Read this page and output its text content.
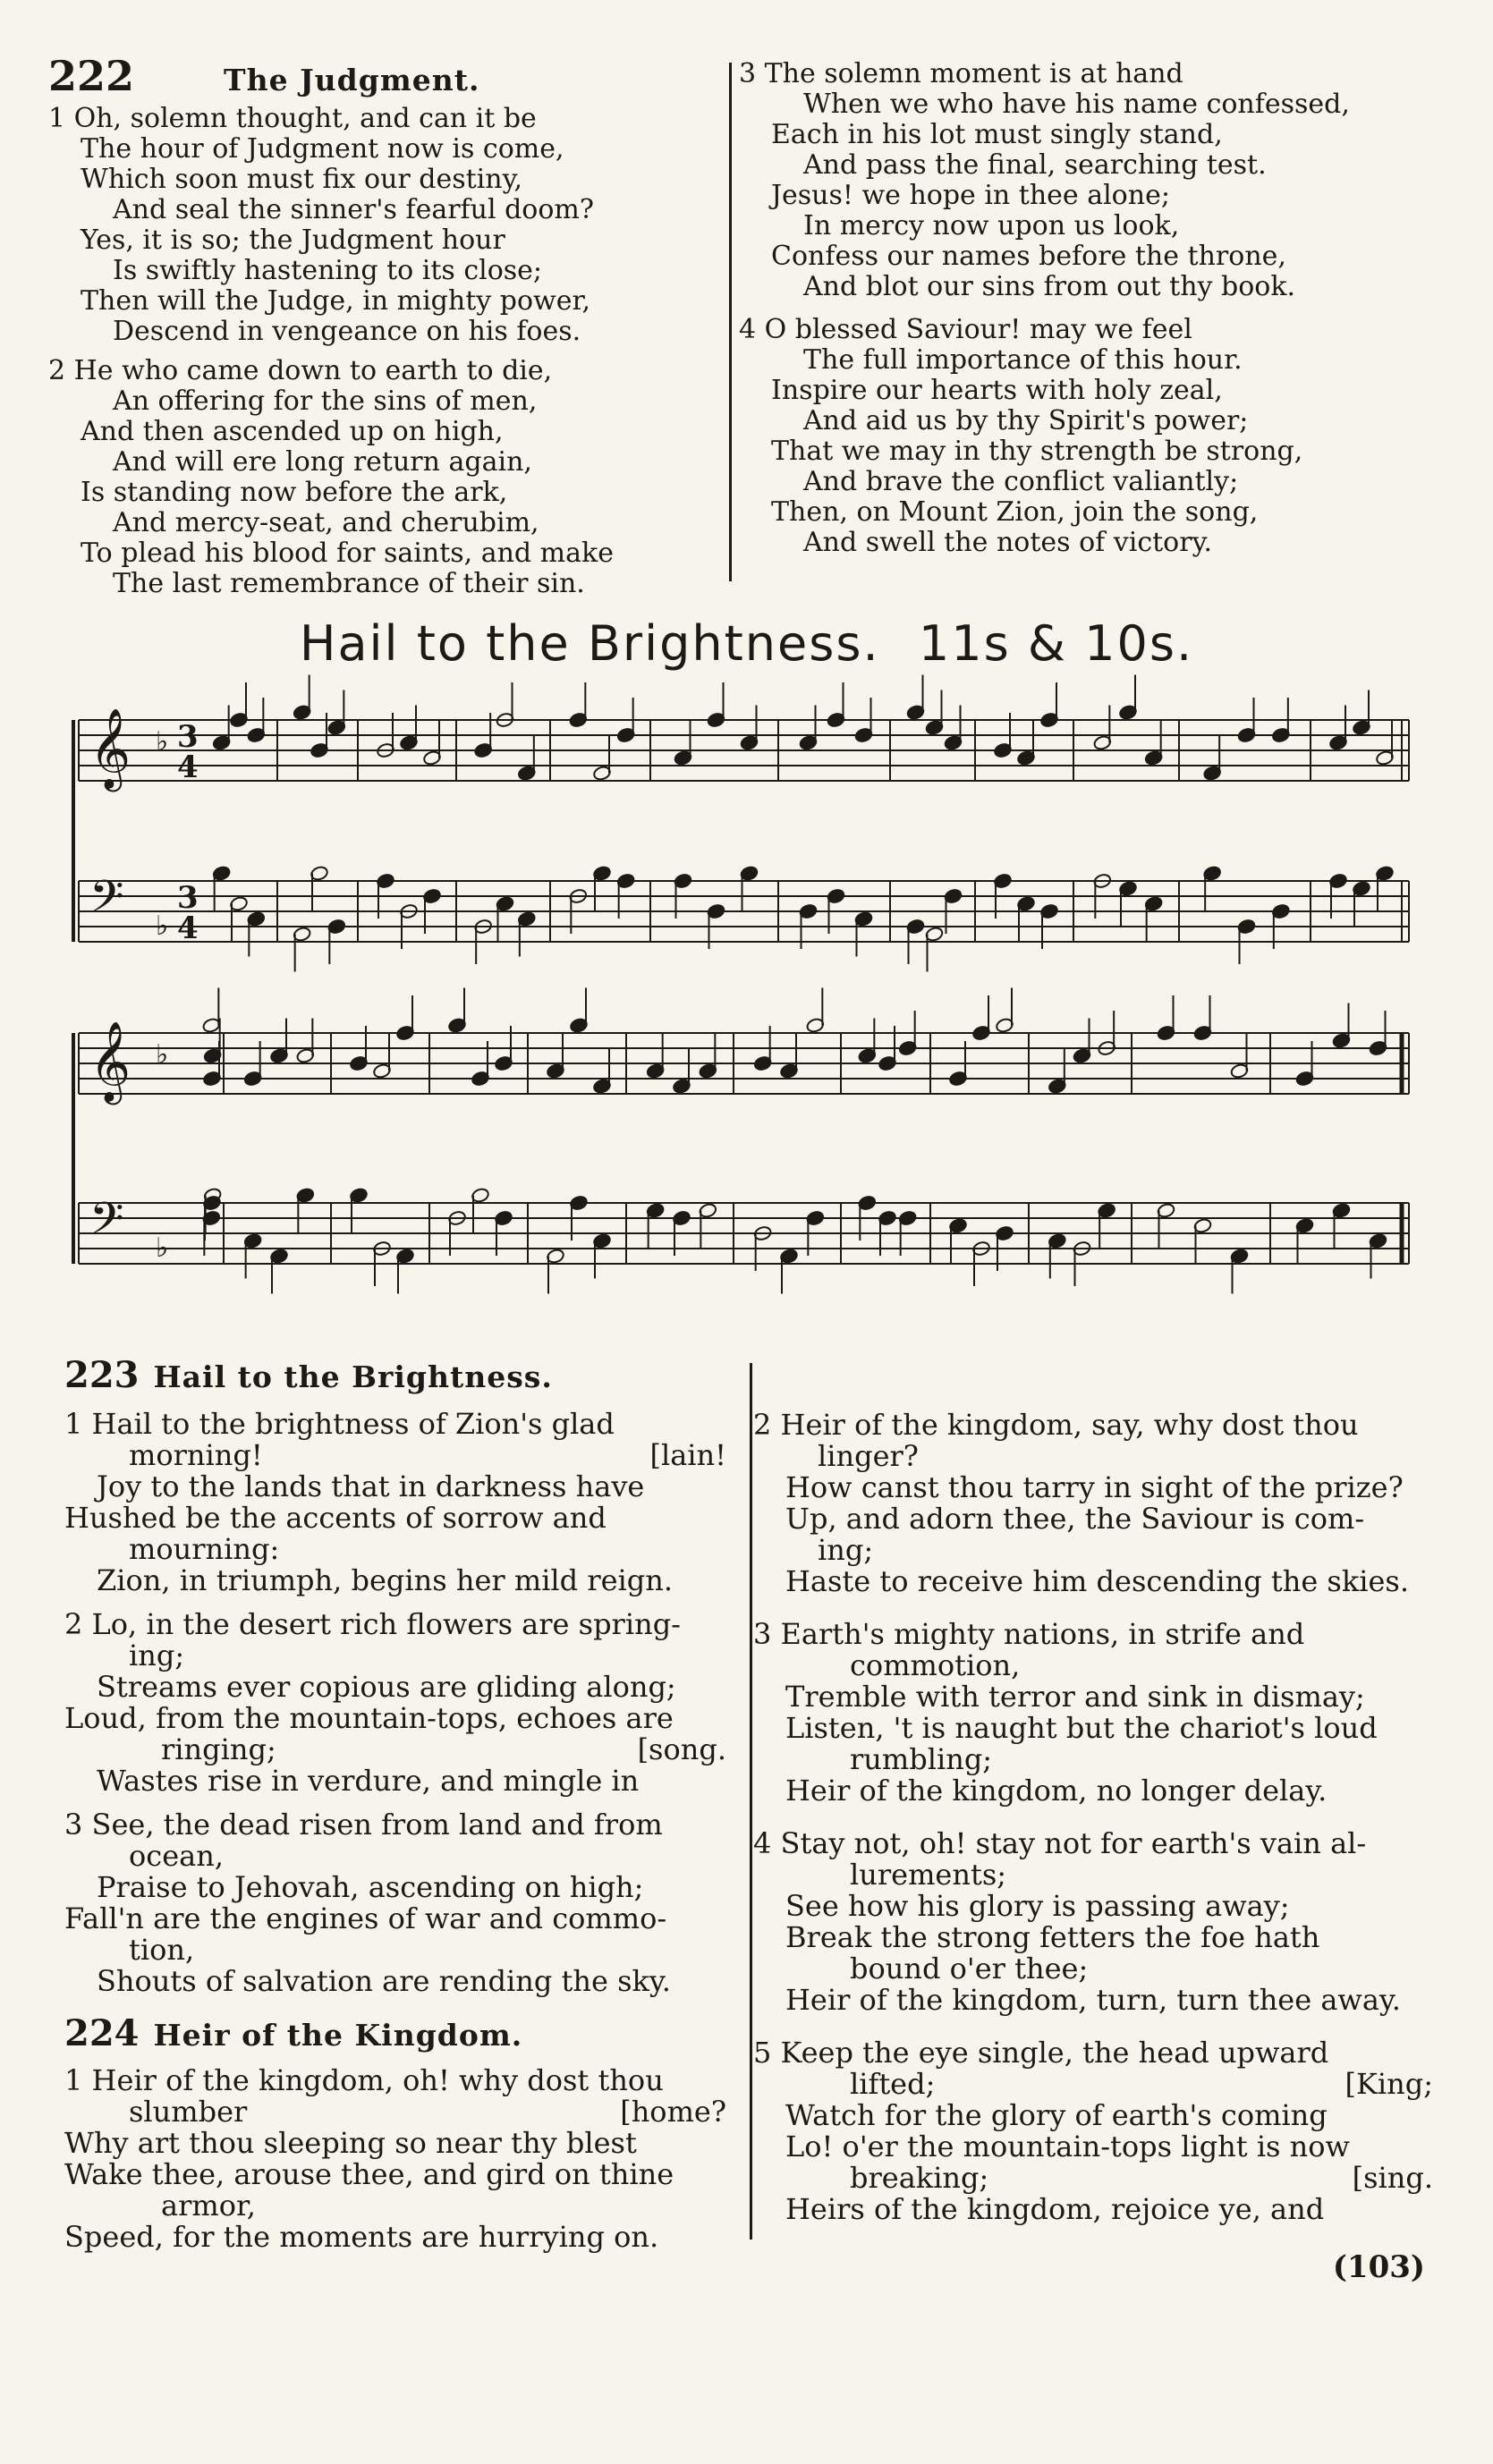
222	The Judgment.
1 Oh, solemn thought, and can it be
The hour of Judgment now is come,
Which soon must fix our destiny,
And seal the sinner's fearful doom?
Yes, it is so; the Judgment hour
Is swiftly hastening to its close;
Then will the Judge, in mighty power,
Descend in vengeance on his foes.
2 He who came down to earth to die,
An offering for the sins of men,
And then ascended up on high,
And will ere long return again,
Is standing now before the ark,
And mercy-seat, and cherubim,
To plead his blood for saints, and make
The last remembrance of their sin.
3 The solemn moment is at hand
When we who have his name confessed,
Each in his lot must singly stand,
And pass the final, searching test.
Jesus! we hope in thee alone;
In mercy now upon us look,
Confess our names before the throne,
And blot our sins from out thy book.
4 O blessed Saviour! may we feel
The full importance of this hour.
Inspire our hearts with holy zeal,
And aid us by thy Spirit's power;
That we may in thy strength be strong,
And brave the conflict valiantly;
Then, on Mount Zion, join the song,
And swell the notes of victory.
Hail to the Brightness. 11s & 10s.
𝄞 3
4
♭
𝄢 3
4
♭
𝄞 ♭
𝄢 ♭
223 Hail to the Brightness.
1 Hail to the brightness of Zion's glad
morning!	[lain!
Joy to the lands that in darkness have
Hushed be the accents of sorrow and
mourning:
Zion, in triumph, begins her mild reign.
2 Lo, in the desert rich flowers are spring-
ing;
Streams ever copious are gliding along;
Loud, from the mountain-tops, echoes are
ringing;	[song.
Wastes rise in verdure, and mingle in
3 See, the dead risen from land and from
ocean,
Praise to Jehovah, ascending on high;
Fall'n are the engines of war and commo-
tion,
Shouts of salvation are rending the sky.
224 Heir of the Kingdom.
1 Heir of the kingdom, oh! why dost thou
slumber	[home?
Why art thou sleeping so near thy blest
Wake thee, arouse thee, and gird on thine
armor,
Speed, for the moments are hurrying on.
2 Heir of the kingdom, say, why dost thou
linger?
How canst thou tarry in sight of the prize?
Up, and adorn thee, the Saviour is com-
ing;
Haste to receive him descending the skies.
3 Earth's mighty nations, in strife and
commotion,
Tremble with terror and sink in dismay;
Listen, 't is naught but the chariot's loud
rumbling;
Heir of the kingdom, no longer delay.
4 Stay not, oh! stay not for earth's vain al-
lurements;
See how his glory is passing away;
Break the strong fetters the foe hath
bound o'er thee;
Heir of the kingdom, turn, turn thee away.
5 Keep the eye single, the head upward
lifted;	[King;
Watch for the glory of earth's coming
Lo! o'er the mountain-tops light is now
breaking;	[sing.
Heirs of the kingdom, rejoice ye, and
(103)
